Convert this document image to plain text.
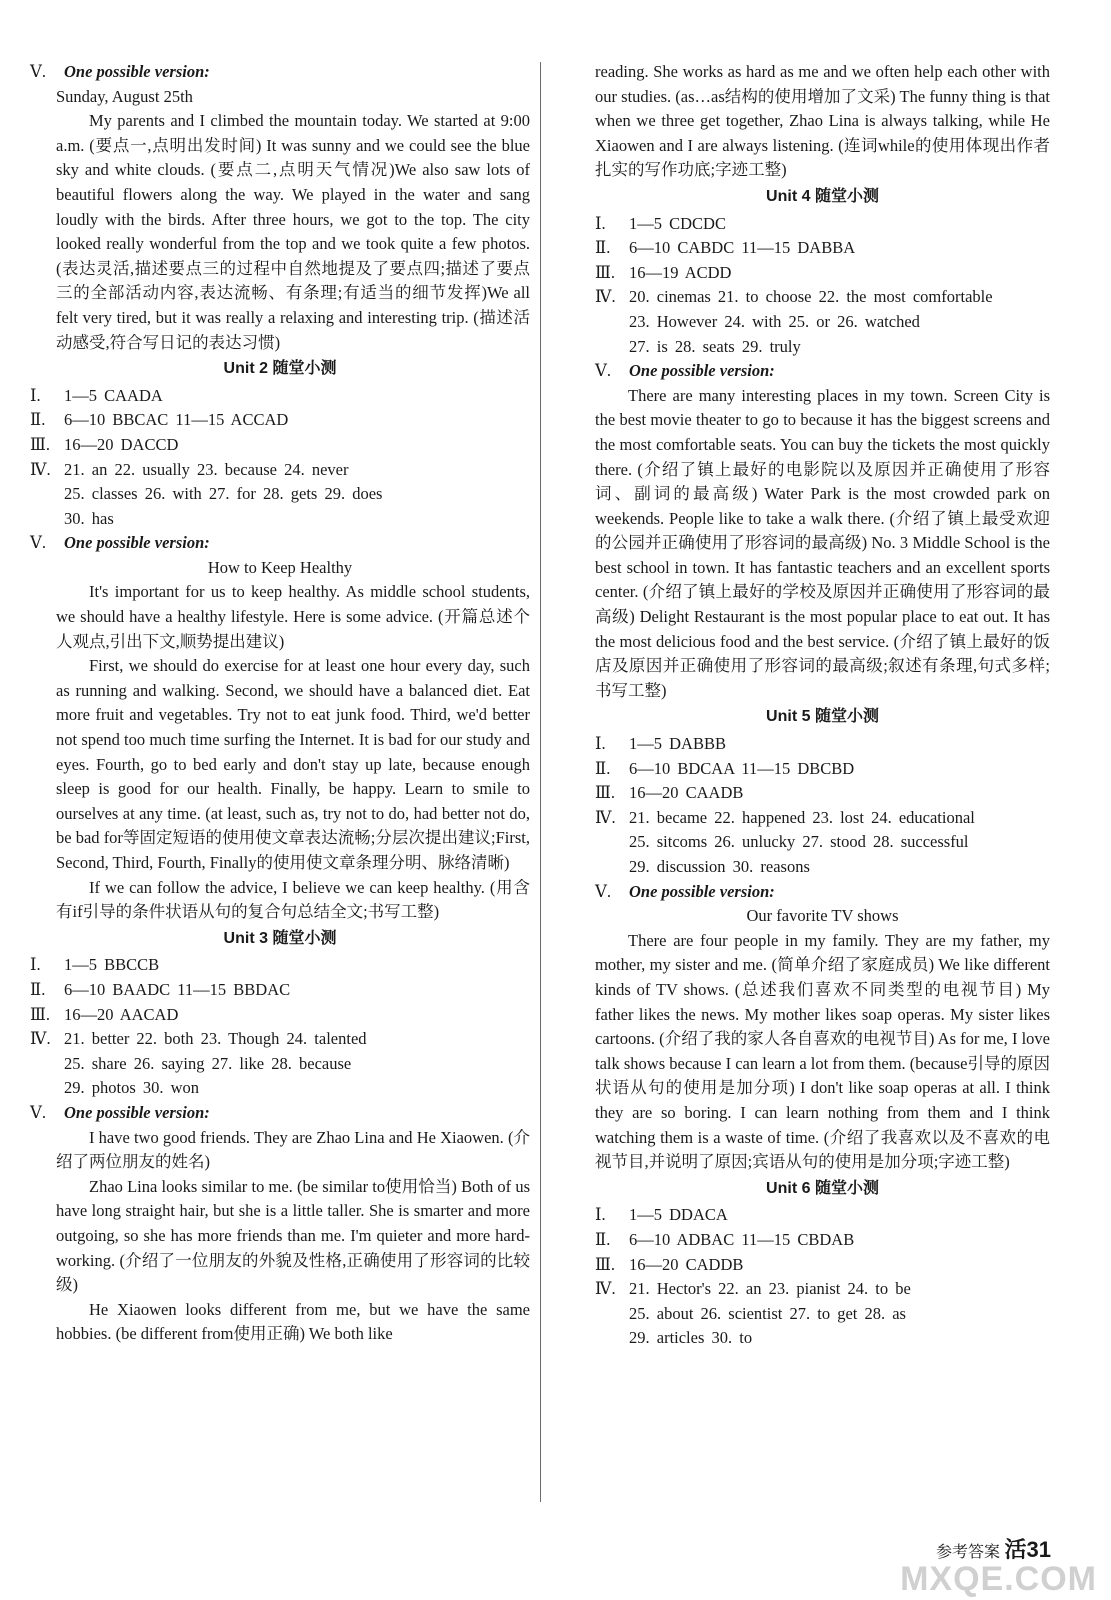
Ⅴ. One possible version:

Sunday, August 25th

My parents and I climbed the mountain today. We started at 9:00 a.m. (要点一,点明出发时间) It was sunny and we could see the blue sky and white clouds. (要点二,点明天气情况)We also saw lots of beautiful flowers along the way. We played in the water and sang loudly with the birds. After three hours, we got to the top. The city looked really wonderful from the top and we took quite a few photos. (表达灵活,描述要点三的过程中自然地提及了要点四;描述了要点三的全部活动内容,表达流畅、有条理;有适当的细节发挥)We all felt very tired, but it was really a relaxing and interesting trip. (描述活动感受,符合写日记的表达习惯)

Unit 2 随堂小测
Ⅰ.	1—5 CAADA
Ⅱ.	6—10 BBCAC 11—15 ACCAD
Ⅲ. 16—20 DACCD
Ⅳ. 21. an 22. usually 23. because 24. never
25. classes 26. with 27. for 28. gets 29. does
30. has
Ⅴ. One possible version:
How to Keep Healthy

It's important for us to keep healthy. As middle school students, we should have a healthy lifestyle. Here is some advice. (开篇总述个人观点,引出下文,顺势提出建议)

First, we should do exercise for at least one hour every day, such as running and walking. Second, we should have a balanced diet. Eat more fruit and vegetables. Try not to eat junk food. Third, we'd better not spend too much time surfing the Internet. It is bad for our study and eyes. Fourth, go to bed early and don't stay up late, because enough sleep is good for our health. Finally, be happy. Learn to smile to ourselves at any time. (at least, such as, try not to do, had better not do, be bad for等固定短语的使用使文章表达流畅;分层次提出建议;First, Second, Third, Fourth, Finally的使用使文章条理分明、脉络清晰)

If we can follow the advice, I believe we can keep healthy. (用含有if引导的条件状语从句的复合句总结全文;书写工整)

Unit 3 随堂小测
Ⅰ.	1—5 BBCCB
Ⅱ.	6—10 BAADC 11—15 BBDAC
Ⅲ. 16—20 AACAD
Ⅳ. 21. better 22. both 23. Though 24. talented
25. share 26. saying 27. like 28. because
29. photos 30. won
Ⅴ. One possible version:

I have two good friends. They are Zhao Lina and He Xiaowen. (介绍了两位朋友的姓名)

Zhao Lina looks similar to me. (be similar to使用恰当) Both of us have long straight hair, but she is a little taller. She is smarter and more outgoing, so she has more friends than me. I'm quieter and more hard-working. (介绍了一位朋友的外貌及性格,正确使用了形容词的比较级)

He Xiaowen looks different from me, but we have the same hobbies. (be different from使用正确) We both like

reading. She works as hard as me and we often help each other with our studies. (as…as结构的使用增加了文采) The funny thing is that when we three get together, Zhao Lina is always talking, while He Xiaowen and I are always listening. (连词while的使用体现出作者扎实的写作功底;字迹工整)

Unit 4 随堂小测
Ⅰ.	1—5 CDCDC
Ⅱ.	6—10 CABDC 11—15 DABBA
Ⅲ. 16—19 ACDD
Ⅳ. 20. cinemas 21. to choose 22. the most comfortable
23. However 24. with 25. or 26. watched
27. is 28. seats 29. truly
Ⅴ. One possible version:

There are many interesting places in my town. Screen City is the best movie theater to go to because it has the biggest screens and the most comfortable seats. You can buy the tickets the most quickly there. (介绍了镇上最好的电影院以及原因并正确使用了形容词、副词的最高级) Water Park is the most crowded park on weekends. People like to take a walk there. (介绍了镇上最受欢迎的公园并正确使用了形容词的最高级) No. 3 Middle School is the best school in town. It has fantastic teachers and an excellent sports center. (介绍了镇上最好的学校及原因并正确使用了形容词的最高级) Delight Restaurant is the most popular place to eat out. It has the most delicious food and the best service. (介绍了镇上最好的饭店及原因并正确使用了形容词的最高级;叙述有条理,句式多样;书写工整)

Unit 5 随堂小测
Ⅰ.	1—5 DABBB
Ⅱ.	6—10 BDCAA 11—15 DBCBD
Ⅲ. 16—20 CAADB
Ⅳ. 21. became 22. happened 23. lost 24. educational
25. sitcoms 26. unlucky 27. stood 28. successful
29. discussion 30. reasons
Ⅴ. One possible version:
Our favorite TV shows

There are four people in my family. They are my father, my mother, my sister and me. (简单介绍了家庭成员) We like different kinds of TV shows. (总述我们喜欢不同类型的电视节目) My father likes the news. My mother likes soap operas. My sister likes cartoons. (介绍了我的家人各自喜欢的电视节目) As for me, I love talk shows because I can learn a lot from them. (because引导的原因状语从句的使用是加分项) I don't like soap operas at all. I think they are so boring. I can learn nothing from them and I think watching them is a waste of time. (介绍了我喜欢以及不喜欢的电视节目,并说明了原因;宾语从句的使用是加分项;字迹工整)

Unit 6 随堂小测
Ⅰ.	1—5 DDACA
Ⅱ.	6—10 ADBAC 11—15 CBDAB
Ⅲ. 16—20 CADDB
Ⅳ. 21. Hector's 22. an 23. pianist 24. to be
25. about 26. scientist 27. to get 28. as
29. articles 30. to
参考答案 活31
MXQE.COM
